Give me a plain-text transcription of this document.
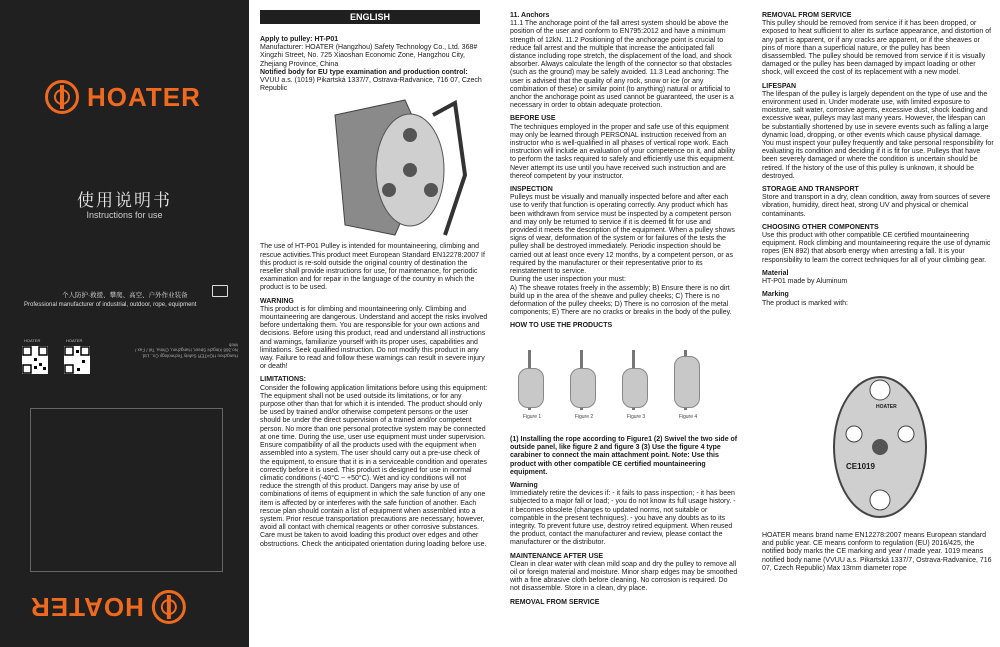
HOATER
使用说明书
Instructions for use
个人防护·救援、攀爬、高空、户外作业装备
Professional manufacturer of industrial, outdoor, rope, equipment
HOATER	HOATER
Hangzhou HOATER Safety Technology Co., Ltd. No.368 Xingzhi Street, Hangzhou, China. Tel / Fax / Web
HOATER
ENGLISH

Apply to pulley: HT-P01

Manufacturer: HOATER (Hangzhou) Safety Technology Co., Ltd. 368# Xingzhi Street, No. 725 Xiaoshan Economic Zone, Hangzhou City, Zhejiang Province, China

Notified body for EU type examination and production control:

VVUU a.s. (1019) Pikartská 1337/7, Ostrava-Radvanice, 716 07, Czech Republic

The use of HT-P01 Pulley is intended for mountaineering, climbing and rescue activities.This product meet European Standard EN12278:2007 If this product is re-sold outside the original country of destination the reseller shall provide instructions for use, for maintenance, for periodic examination and for repair in the language of the country in which the product is to be used.

WARNING

This product is for climbing and mountaineering only. Climbing and mountaineering are dangerous. Understand and accept the risks involved before undertaking them. You are responsible for your own actions and decisions. Before using this product, read and understand all instructions and warnings, familiarize yourself with its proper uses, capabilities and limitations. Seek qualified instruction. Do not modify this product in any way. Failure to read and follow these warnings can result in severe injury or death!

LIMITATIONS:

Consider the following application limitations before using this equipment: The equipment shall not be used outside its limitations, or for any purpose other than that for which it is intended. The product should only be used by trained and/or otherwise competent persons or the user should be under the direct supervision of a trained and/or competent person. No more than one personal protective system may be connected at one time. During the use, user use equipment must under supervision. Ensure compatibility of all the products used with the equipment when assembled into a system. The user should carry out a pre-use check of the equipment, to ensure that it is in a serviceable condition and operates correctly before it is used. This product is designed for use in normal climatic conditions (-40°C ~ +50°C). Wet and icy conditions will not reduce the strength of this product. Dangers may arise by use of combinations of items of equipment in which the safe function of any one item is affected by or interferes with the safe function of another. Each rescue plan should contain a list of equipment when assembled into a system. Prior rescue transportation precautions are necessary; however, avoid all contact with chemical reagents or other corrosive substances. Care must be taken to avoid loading this product over edges and other obstructions. Check the anticipated orientation during loading before use.

11. Anchors

11.1 The anchorage point of the fall arrest system should be above the position of the user and conform to EN795:2012 and have a minimum strength of 12kN. 11.2 Positioning of the anchorage point is crucial to reduce fall arrest and the multiple that increase the anticipated fall distance including rope stretch, the displacement of the load, and shock absorber. Always calculate the length of the connector so that obstacles (such as the ground) may be safely avoided. 11.3 Lead anchoring: The user is advised that the quality of any rock, snow or ice (or any combination of these) or similar point (to anything) natural or artificial to anchor the anchorage point as used cannot be guaranteed, the user is a necessary in order to obtain adequate protection.

BEFORE USE

The techniques employed in the proper and safe use of this equipment may only be learned through PERSONAL instruction received from an instructor who is well-qualified in all phases of vertical rope work. Each instruction will include an evaluation of your competence on it, and ability to perform the tasks required to safely and efficiently use this equipment. Never attempt its use until you have received such instruction and are thereof competent by your instructor.

INSPECTION

Pulleys must be visually and manually inspected before and after each use to verify that function is operating correctly. Any product which has been withdrawn from service must be inspected by a competent person and may only be returned to service if it is deemed fit for use and provided it meets the description of the equipment. When a pulley shows signs of wear, deformation of the system or for failures of the tests the pulley shall be destroyed immediately. Periodic inspection should be carried out at least once every 12 months, by a competent person, or as required by the manufacturer or their representative prior to its reinstatement to service.

During the user inspection your must:

A) The sheave rotates freely in the assembly; B) Ensure there is no dirt build up in the area of the sheave and pulley cheeks; C) There is no deformation of the pulley cheeks; D) There is no corrosion of the metal components; E) There are no cracks or breaks in the body of the pulley.

HOW TO USE THE PRODUCTS

Figure 1	Figure 2	Figure 3	Figure 4

(1) Installing the rope according to Figure1 (2) Swivel the two side of outside panel, like figure 2 and figure 3 (3) Use the figure 4 type carabiner to connect the main attachment point. Note: Use this product with other compatible CE certified mountaineering equipment.

Warning

Immediately retire the devices if: - it fails to pass inspection; - it has been subjected to a major fall or load; - you do not know its full usage history. - it becomes obsolete (changes to updated norms, not suitable or compatible in the present techniques). - you have any doubts as to its integrity. To prevent future use, destroy retired equipment. When reused the product, contact the manufacturer and review, please contact the manufacturer or the distributor.

MAINTENANCE AFTER USE

Clean in clear water with clean mild soap and dry the pulley to remove all oil or foreign material and moisture. Minor sharp edges may be smoothed with a fine abrasive cloth before cleaning. No corrosion is required. Do not disassemble. Store in a clean, dry place.

REMOVAL FROM SERVICE

REMOVAL FROM SERVICE

This pulley should be removed from service if it has been dropped, or exposed to heat sufficient to alter its surface appearance, and distortion of any part is apparent, or if any cracks are apparent, or if the sheaves or pins of more than a superficial nature, or the pulley has been disassembled. The pulley should be removed from service if it is visually damaged or the pulley has been damaged by impact loading or other shock, will exceed the cost of its replacement with a new model.

LIFESPAN

The lifespan of the pulley is largely dependent on the type of use and the environment used in. Under moderate use, with limited exposure to moisture, salt water, corrosive agents, excessive dust, shock loading and excessive wear, pulleys may last many years. However, the lifespan can be substantially shortened by use in severe events such as falling a large dynamic load, dropping, or other events which cause physical damage. You must inspect your pulley frequently and take personal responsibility for evaluating its condition and deciding if it is fit for use. Pulleys that have been severely damaged or where the condition is uncertain should be retired. If the history of the use of this pulley is unknown, it should be destroyed.

STORAGE AND TRANSPORT

Store and transport in a dry, clean condition, away from sources of severe vibration, humidity, direct heat, strong UV and physical or chemical contaminants.

CHOOSING OTHER COMPONENTS

Use this product with other compatible CE certified mountaineering equipment. Rock climbing and mountaineering require the use of dynamic ropes (EN 892) that absorb energy when arresting a fall. It is your responsibility to learn the correct techniques for all of your climbing gear.

Material

HT-P01 made by Aluminum

Marking

The product is marked with:

HOATER
CE1019

HOATER means brand name EN12278:2007 means European standard and public year. CE means conform to regulation (EU) 2016/425, the notified body marks the CE marking and year / made year. 1019 means notified body name (VVUU a.s. Pikartská 1337/7, Ostrava-Radvanice, 716 07, Czech Republic) Max 13mm diameter rope
